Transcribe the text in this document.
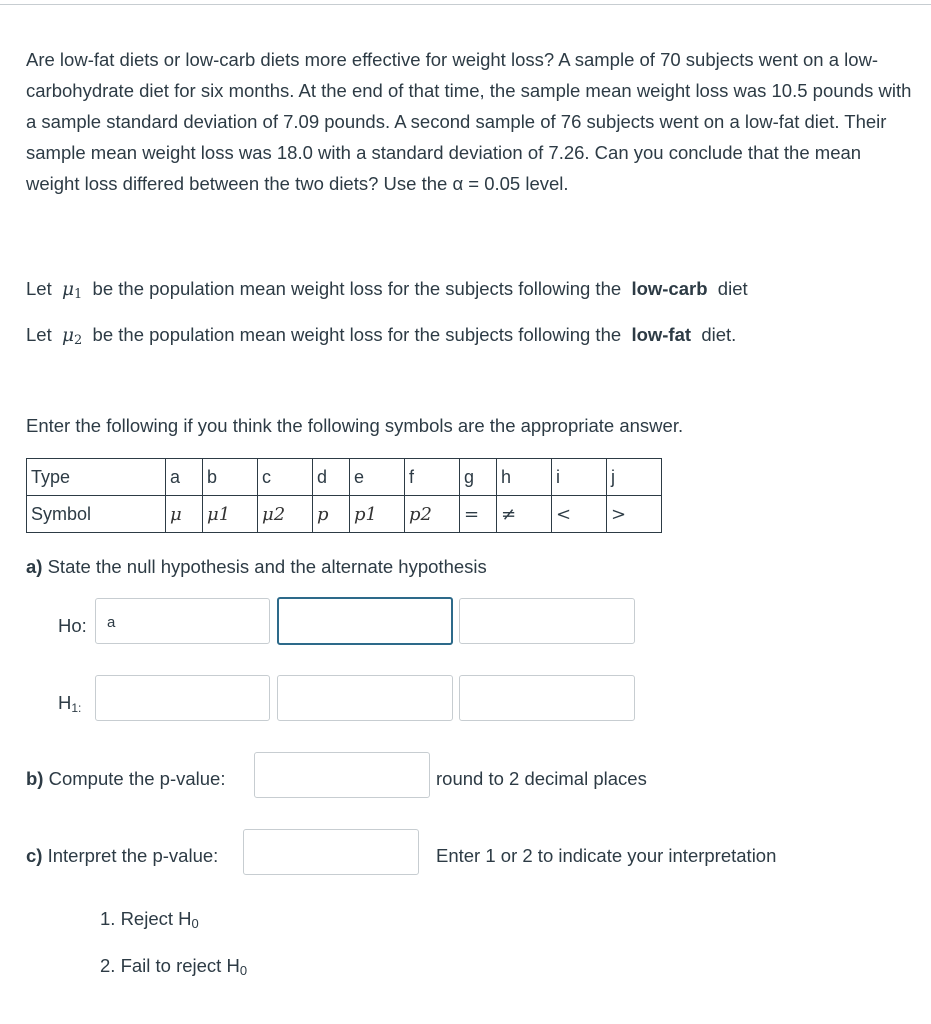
Are low-fat diets or low-carb diets more effective for weight loss? A sample of 70 subjects went on a low-carbohydrate diet for six months. At the end of that time, the sample mean weight loss was 10.5 pounds with a sample standard deviation of 7.09 pounds. A second sample of 76 subjects went on a low-fat diet. Their sample mean weight loss was 18.0 with a standard deviation of 7.26. Can you conclude that the mean weight loss differed between the two diets? Use the α = 0.05 level.
Let $\mu_1$ be the population mean weight loss for the subjects following the low-carb diet
Let $\mu_2$ be the population mean weight loss for the subjects following the low-fat diet.
Enter the following if you think the following symbols are the appropriate answer.
Type	a	b	c	d	e	f	g	h	i	j
Symbol	μ	μ1	μ2	p	p1	p2	=	≠	<	>
a) State the null hypothesis and the alternate hypothesis
Ho: a
H1:
b) Compute the p-value:	round to 2 decimal places
c) Interpret the p-value:	Enter 1 or 2 to indicate your interpretation
1. Reject H0
2. Fail to reject H0
